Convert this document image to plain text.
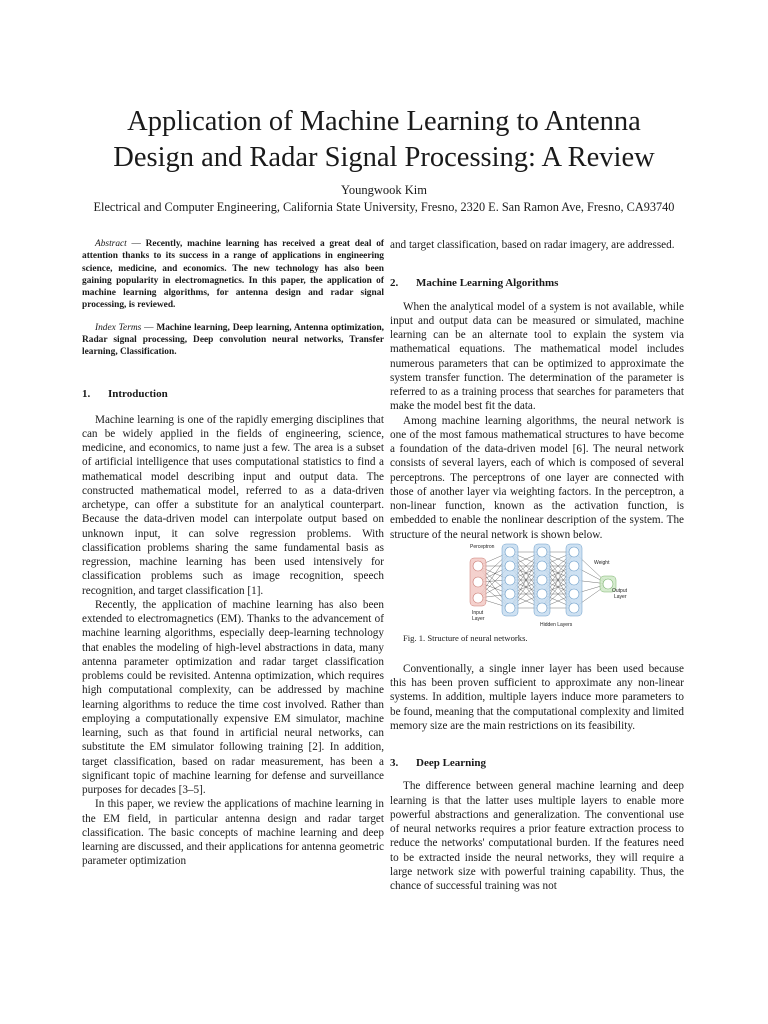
Application of Machine Learning to Antenna
Design and Radar Signal Processing: A Review
Youngwook Kim
Electrical and Computer Engineering, California State University, Fresno, 2320 E. San Ramon Ave, Fresno, CA93740

Abstract — Recently, machine learning has received a great deal of attention thanks to its success in a range of applications in engineering science, medicine, and economics. The new technology has also been gaining popularity in electromagnetics. In this paper, the application of machine learning algorithms, for antenna design and radar signal processing, is reviewed.

Index Terms — Machine learning, Deep learning, Antenna optimization, Radar signal processing, Deep convolution neural networks, Transfer learning, Classification.

1. Introduction

Machine learning is one of the rapidly emerging disciplines that can be widely applied in the fields of engineering, science, medicine, and economics, to name just a few. The area is a subset of artificial intelligence that uses computational statistics to find a mathematical model describing input and output data. The constructed mathematical model, referred to as a data-driven archetype, can offer a substitute for an analytical counterpart. Because the data-driven model can interpolate output based on unknown input, it can solve regression problems. With classification problems sharing the same fundamental basis as regression, machine learning has been used intensively for classification problems such as image recognition, speech recognition, and target classification [1].

Recently, the application of machine learning has also been extended to electromagnetics (EM). Thanks to the advancement of machine learning algorithms, especially deep-learning technology that enables the modeling of high-level abstractions in data, many antenna parameter optimization and radar target classification problems could be revisited. Antenna optimization, which requires high computational complexity, can be addressed by machine learning algorithms to reduce the time cost involved. Rather than employing a computationally expensive EM simulator, machine learning, such as that found in artificial neural networks, can substitute the EM simulator following training [2]. In addition, target classification, based on radar measurement, has been a significant topic of machine learning for defense and surveillance purposes for decades [3–5].

In this paper, we review the applications of machine learning in the EM field, in particular antenna design and radar target classification. The basic concepts of machine learning and deep learning are discussed, and their applications for antenna geometric parameter optimization

and target classification, based on radar imagery, are addressed.

2. Machine Learning Algorithms

When the analytical model of a system is not available, while input and output data can be measured or simulated, machine learning can be an alternate tool to explain the system via mathematical equations. The mathematical model includes numerous parameters that can be optimized to approximate the system transfer function. The determination of the parameter is referred to as a training process that searches for parameters that make the model best fit the data.

Among machine learning algorithms, the neural network is one of the most famous mathematical structures to have become a foundation of the data-driven model [6]. The neural network consists of several layers, each of which is composed of several perceptrons. The perceptrons of one layer are connected with those of another layer via weighting factors. In the perceptron, a non-linear function, known as the activation function, is embedded to enable the nonlinear description of the system. The structure of the neural network is shown below.

Perceptron
Weight
Output
Layer
Input
Layer
Hidden Layers

Fig. 1. Structure of neural networks.

Conventionally, a single inner layer has been used because this has been proven sufficient to approximate any non-linear systems. In addition, multiple layers induce more parameters to be found, meaning that the computational complexity and limited memory size are the main restrictions on its feasibility.

3. Deep Learning

The difference between general machine learning and deep learning is that the latter uses multiple layers to enable more powerful abstractions and generalization. The conventional use of neural networks requires a prior feature extraction process to reduce the networks' computational burden. If the features need to be extracted inside the neural networks, they will require a large network size with powerful training capability. Thus, the chance of successful training was not
